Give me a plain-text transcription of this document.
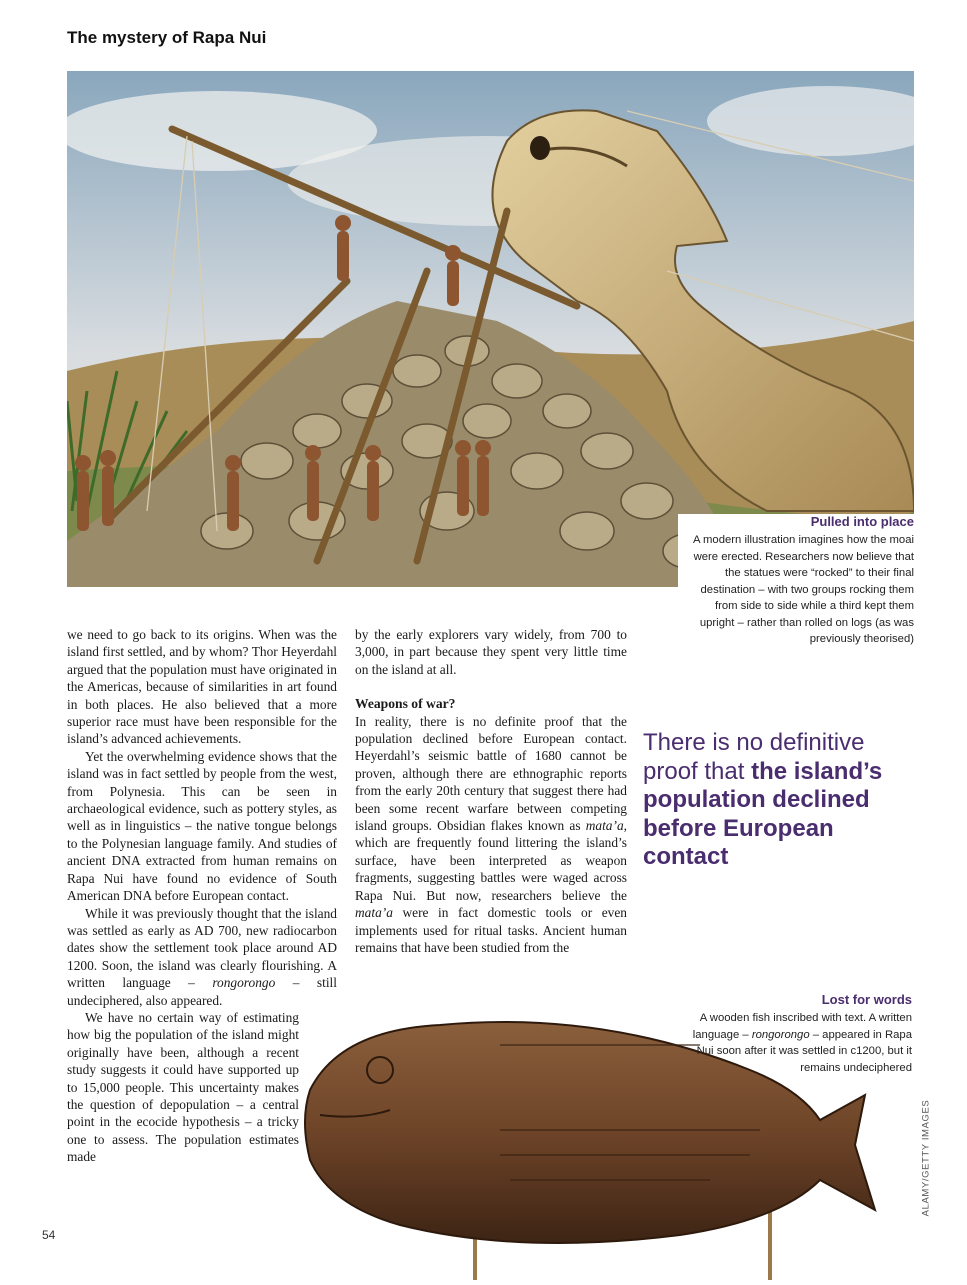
The mystery of Rapa Nui
Pulled into place
A modern illustration imagines how the moai were erected. Researchers now believe that the statues were “rocked” to their final destination – with two groups rocking them from side to side while a third kept them upright – rather than rolled on logs (as was previously theorised)

we need to go back to its origins. When was the island first settled, and by whom? Thor Heyerdahl argued that the population must have originated in the Americas, because of similarities in art found in both places. He also believed that a more superior race must have been responsible for the island’s advanced achievements.

Yet the overwhelming evidence shows that the island was in fact settled by people from the west, from Polynesia. This can be seen in archaeological evidence, such as pottery styles, as well as in linguistics – the native tongue belongs to the Polynesian language family. And studies of ancient DNA extracted from human remains on Rapa Nui have found no evidence of South American DNA before European contact.

While it was previously thought that the island was settled as early as AD 700, new radiocarbon dates show the settlement took place around AD 1200. Soon, the island was clearly flourishing. A written language – rongorongo – still undeciphered, also appeared.

We have no certain way of estimating how big the population of the island might originally have been, although a recent study suggests it could have supported up to 15,000 people. This uncertainty makes the question of depopulation – a central point in the ecocide hypothesis – a tricky one to assess. The population estimates made

by the early explorers vary widely, from 700 to 3,000, in part because they spent very little time on the island at all.

Weapons of war?

In reality, there is no definite proof that the population declined before European contact. Heyerdahl’s seismic battle of 1680 cannot be proven, although there are ethnographic reports from the early 20th century that suggest there had been some recent warfare between competing island groups. Obsidian flakes known as mata’a, which are frequently found littering the island’s surface, have been interpreted as weapon fragments, suggesting battles were waged across Rapa Nui. But now, researchers believe the mata’a were in fact domestic tools or even implements used for ritual tasks. Ancient human remains that have been studied from the

There is no definitive proof that the island’s population declined before European contact
Lost for words
A wooden fish inscribed with text. A written language – rongorongo – appeared in Rapa Nui soon after it was settled in c1200, but it remains undeciphered
ALAMY/GETTY IMAGES
54
